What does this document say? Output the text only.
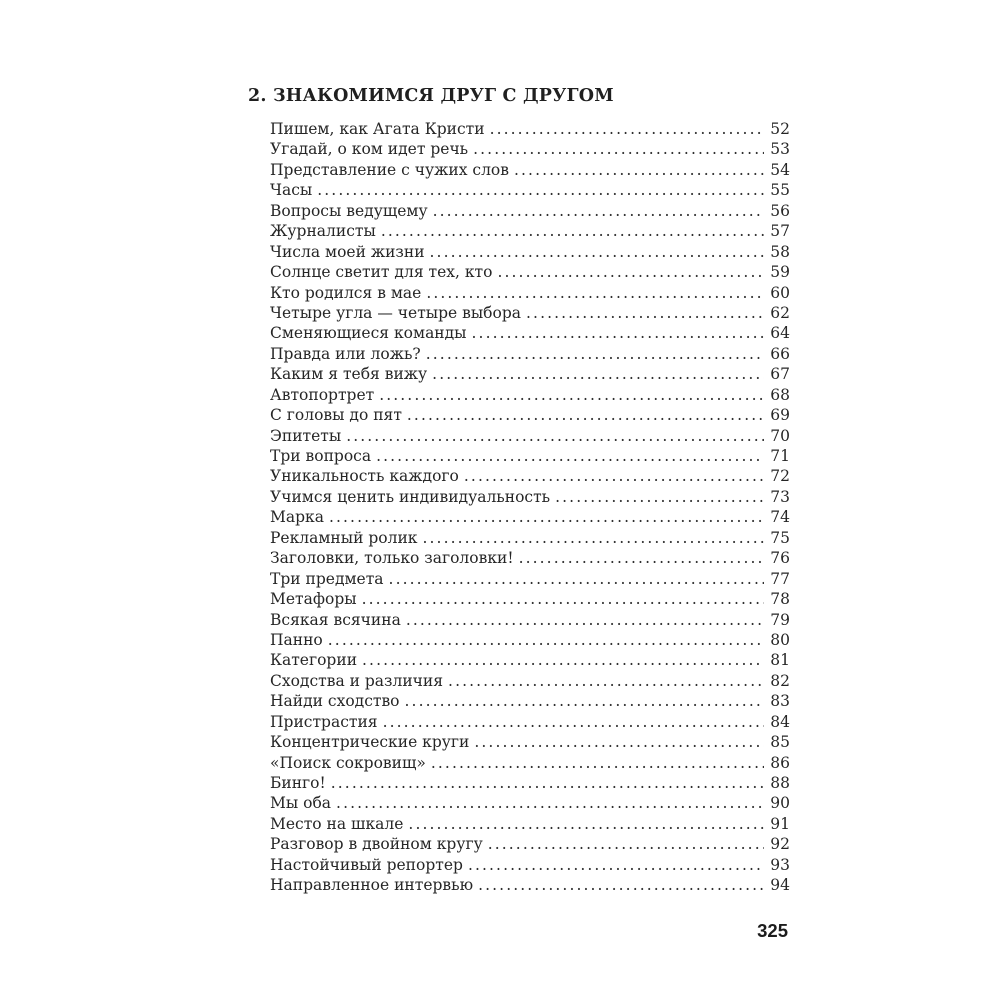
2. ЗНАКОМИМСЯ ДРУГ С ДРУГОМ
Пишем, как Агата Кристи .....	52
Угадай, о ком идет речь .....	53
Представление с чужих слов .....	54
Часы .....	55
Вопросы ведущему .....	56
Журналисты .....	57
Числа моей жизни .....	58
Солнце светит для тех, кто .....	59
Кто родился в мае .....	60
Четыре угла — четыре выбора .....	62
Сменяющиеся команды .....	64
Правда или ложь? .....	66
Каким я тебя вижу .....	67
Автопортрет .....	68
С головы до пят .....	69
Эпитеты .....	70
Три вопроса .....	71
Уникальность каждого .....	72
Учимся ценить индивидуальность .....	73
Марка .....	74
Рекламный ролик .....	75
Заголовки, только заголовки! .....	76
Три предмета .....	77
Метафоры .....	78
Всякая всячина .....	79
Панно .....	80
Категории .....	81
Сходства и различия .....	82
Найди сходство .....	83
Пристрастия .....	84
Концентрические круги .....	85
«Поиск сокровищ» .....	86
Бинго! .....	88
Мы оба .....	90
Место на шкале .....	91
Разговор в двойном кругу .....	92
Настойчивый репортер .....	93
Направленное интервью .....	94
325
